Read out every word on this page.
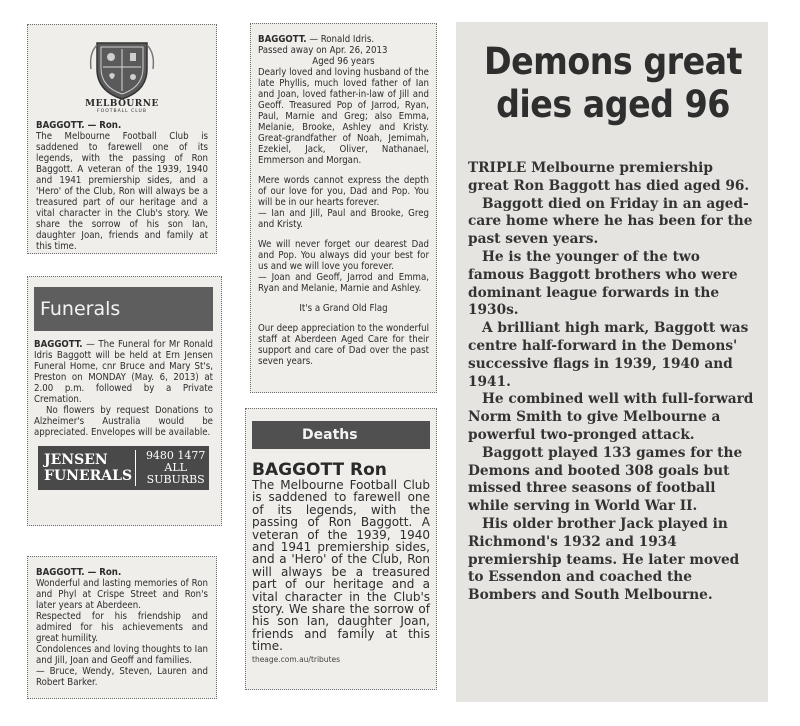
MELBOURNE
FOOTBALL CLUB
BAGGOTT. — Ron.

The Melbourne Football Club is saddened to farewell one of its legends, with the passing of Ron Baggott. A veteran of the 1939, 1940 and 1941 premiership sides, and a 'Hero' of the Club, Ron will always be a treasured part of our heritage and a vital character in the Club's story. We share the sorrow of his son Ian, daughter Joan, friends and family at this time.

Funerals

BAGGOTT. — The Funeral for Mr Ronald Idris Baggott will be held at Ern Jensen Funeral Home, cnr Bruce and Mary St's, Preston on MONDAY (May. 6, 2013) at 2.00 p.m. followed by a Private Cremation.

No flowers by request Donations to Alzheimer's Australia would be appreciated. Envelopes will be available.

JENSEN
FUNERALS
9480 1477
ALL
SUBURBS
BAGGOTT. — Ron.

Wonderful and lasting memories of Ron and Phyl at Crispe Street and Ron's later years at Aberdeen.

Respected for his friendship and admired for his achievements and great humility.

Condolences and loving thoughts to Ian and Jill, Joan and Geoff and families.

— Bruce, Wendy, Steven, Lauren and Robert Barker.

BAGGOTT. — Ronald Idris.

Passed away on Apr. 26, 2013

Aged 96 years

Dearly loved and loving husband of the late Phyllis, much loved father of Ian and Joan, loved father-in-law of Jill and Geoff. Treasured Pop of Jarrod, Ryan, Paul, Marnie and Greg; also Emma, Melanie, Brooke, Ashley and Kristy. Great-grandfather of Noah, Jemimah, Ezekiel, Jack, Oliver, Nathanael, Emmerson and Morgan.

Mere words cannot express the depth of our love for you, Dad and Pop. You will be in our hearts forever.

— Ian and Jill, Paul and Brooke, Greg and Kristy.

We will never forget our dearest Dad and Pop. You always did your best for us and we will love you forever.

— Joan and Geoff, Jarrod and Emma, Ryan and Melanie, Marnie and Ashley.

It's a Grand Old Flag

Our deep appreciation to the wonderful staff at Aberdeen Aged Care for their support and care of Dad over the past seven years.

Deaths
BAGGOTT Ron
The Melbourne Football Club is saddened to farewell one of its legends, with the passing of Ron Baggott. A veteran of the 1939, 1940 and 1941 premiership sides, and a 'Hero' of the Club, Ron will always be a treasured part of our heritage and a vital character in the Club's story. We share the sorrow of his son Ian, daughter Joan, friends and family at this time.
theage.com.au/tributes
Demons great
dies aged 96

TRIPLE Melbourne premiership great Ron Baggott has died aged 96.

Baggott died on Friday in an aged-care home where he has been for the past seven years.

He is the younger of the two famous Baggott brothers who were dominant league forwards in the 1930s.

A brilliant high mark, Baggott was centre half-forward in the Demons' successive flags in 1939, 1940 and 1941.

He combined well with full-forward Norm Smith to give Melbourne a powerful two-pronged attack.

Baggott played 133 games for the Demons and booted 308 goals but missed three seasons of football while serving in World War II.

His older brother Jack played in Richmond's 1932 and 1934 premiership teams. He later moved to Essendon and coached the Bombers and South Melbourne.
